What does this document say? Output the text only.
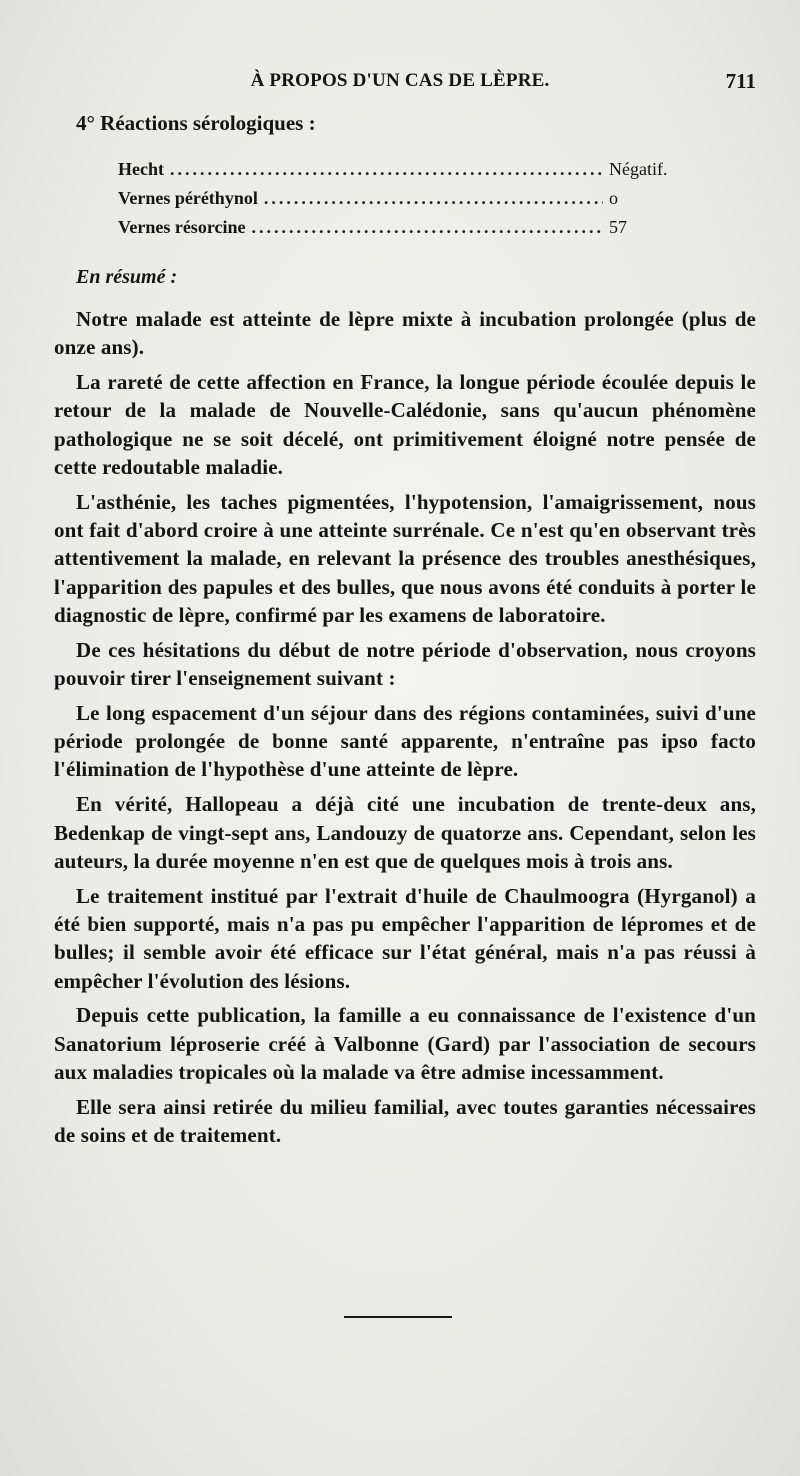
À PROPOS D'UN CAS DE LÈPRE.	711
4° Réactions sérologiques :
Hecht .....	Négatif.
Vernes péréthynol .....	o
Vernes résorcine .....	57
En résumé :

Notre malade est atteinte de lèpre mixte à incubation prolongée (plus de onze ans).

La rareté de cette affection en France, la longue période écoulée depuis le retour de la malade de Nouvelle-Calédonie, sans qu'aucun phénomène pathologique ne se soit décelé, ont primitivement éloigné notre pensée de cette redoutable maladie.

L'asthénie, les taches pigmentées, l'hypotension, l'amaigrissement, nous ont fait d'abord croire à une atteinte surrénale. Ce n'est qu'en observant très attentivement la malade, en relevant la présence des troubles anesthésiques, l'apparition des papules et des bulles, que nous avons été conduits à porter le diagnostic de lèpre, confirmé par les examens de laboratoire.

De ces hésitations du début de notre période d'observation, nous croyons pouvoir tirer l'enseignement suivant :

Le long espacement d'un séjour dans des régions contaminées, suivi d'une période prolongée de bonne santé apparente, n'entraîne pas ipso facto l'élimination de l'hypothèse d'une atteinte de lèpre.

En vérité, Hallopeau a déjà cité une incubation de trente-deux ans, Bedenkap de vingt-sept ans, Landouzy de quatorze ans. Cependant, selon les auteurs, la durée moyenne n'en est que de quelques mois à trois ans.

Le traitement institué par l'extrait d'huile de Chaulmoogra (Hyrganol) a été bien supporté, mais n'a pas pu empêcher l'apparition de lépromes et de bulles; il semble avoir été efficace sur l'état général, mais n'a pas réussi à empêcher l'évolution des lésions.

Depuis cette publication, la famille a eu connaissance de l'existence d'un Sanatorium léproserie créé à Valbonne (Gard) par l'association de secours aux maladies tropicales où la malade va être admise incessamment.

Elle sera ainsi retirée du milieu familial, avec toutes garanties nécessaires de soins et de traitement.
